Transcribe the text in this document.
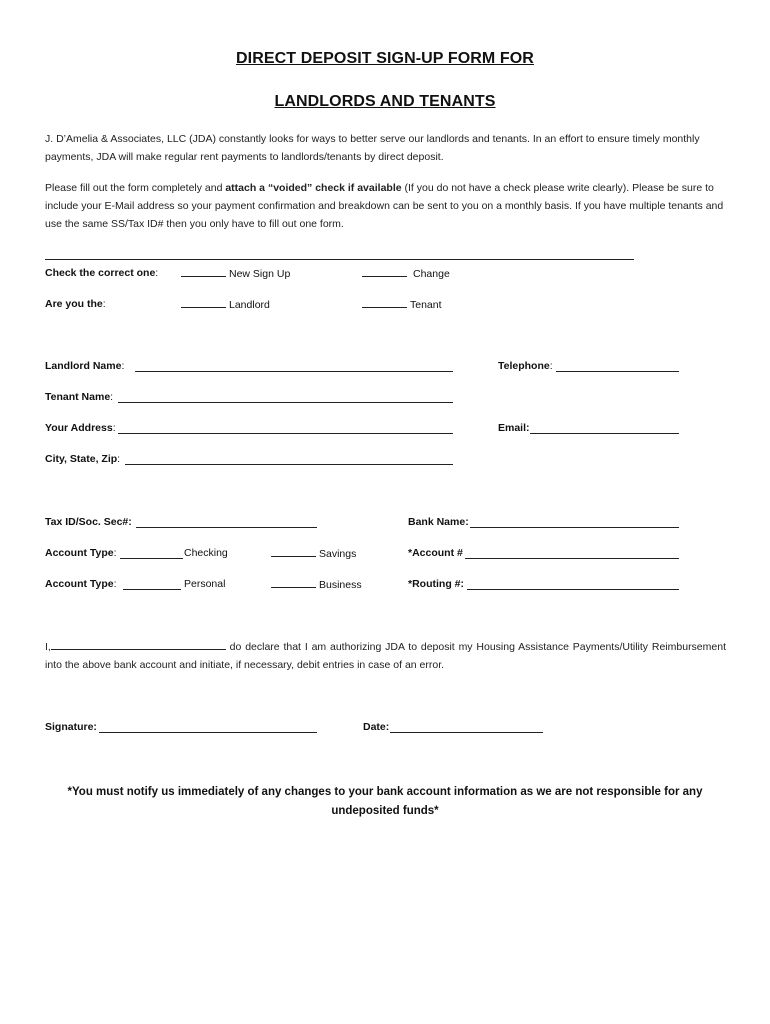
DIRECT DEPOSIT SIGN-UP FORM FOR
LANDLORDS AND TENANTS
J. D’Amelia & Associates, LLC (JDA) constantly looks for ways to better serve our landlords and tenants. In an effort to ensure timely monthly payments, JDA will make regular rent payments to landlords/tenants by direct deposit.
Please fill out the form completely and attach a “voided” check if available (If you do not have a check please write clearly). Please be sure to include your E-Mail address so your payment confirmation and breakdown can be sent to you on a monthly basis. If you have multiple tenants and use the same SS/Tax ID# then you only have to fill out one form.
Check the correct one:	New Sign Up	Change
Are you the:	Landlord	Tenant
Landlord Name:	Telephone:
Tenant Name:
Your Address:	Email:
City, State, Zip:
Tax ID/Soc. Sec#:	Bank Name:
Account Type:	Checking	Savings	*Account #
Account Type:	Personal	Business	*Routing #:
I,	do declare that I am authorizing JDA to deposit my Housing Assistance Payments/Utility Reimbursement into the above bank account and initiate, if necessary, debit entries in case of an error.
Signature:	Date:
*You must notify us immediately of any changes to your bank account information as we are not responsible for any
undeposited funds*
